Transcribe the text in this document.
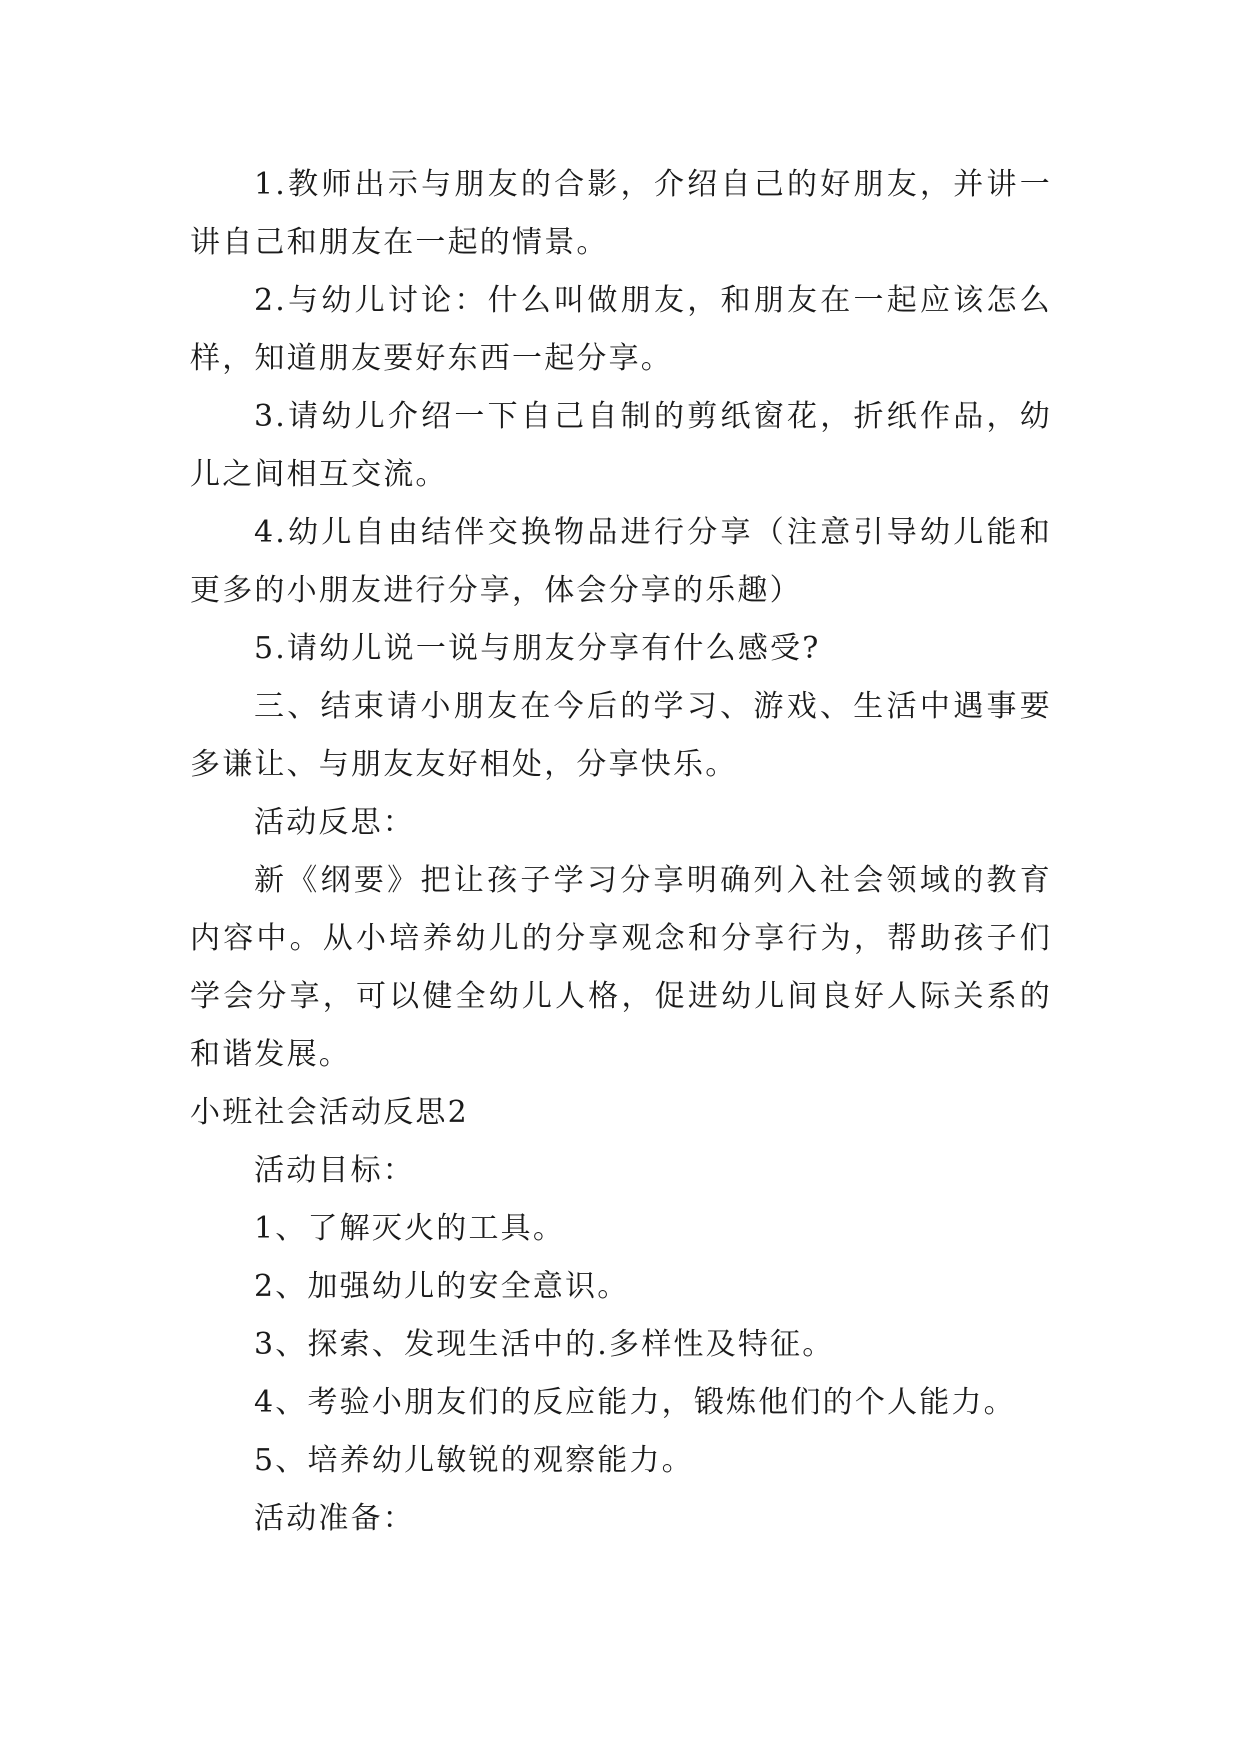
1.教师出示与朋友的合影，介绍自己的好朋友，并讲一讲自己和朋友在一起的情景。

2.与幼儿讨论：什么叫做朋友，和朋友在一起应该怎么样，知道朋友要好东西一起分享。

3.请幼儿介绍一下自己自制的剪纸窗花，折纸作品，幼儿之间相互交流。

4.幼儿自由结伴交换物品进行分享（注意引导幼儿能和更多的小朋友进行分享，体会分享的乐趣）

5.请幼儿说一说与朋友分享有什么感受?

三、结束请小朋友在今后的学习、游戏、生活中遇事要多谦让、与朋友友好相处，分享快乐。

活动反思：

新《纲要》把让孩子学习分享明确列入社会领域的教育内容中。从小培养幼儿的分享观念和分享行为，帮助孩子们学会分享，可以健全幼儿人格，促进幼儿间良好人际关系的和谐发展。

小班社会活动反思2

活动目标：

1、了解灭火的工具。

2、加强幼儿的安全意识。

3、探索、发现生活中的.多样性及特征。

4、考验小朋友们的反应能力，锻炼他们的个人能力。

5、培养幼儿敏锐的观察能力。

活动准备：
